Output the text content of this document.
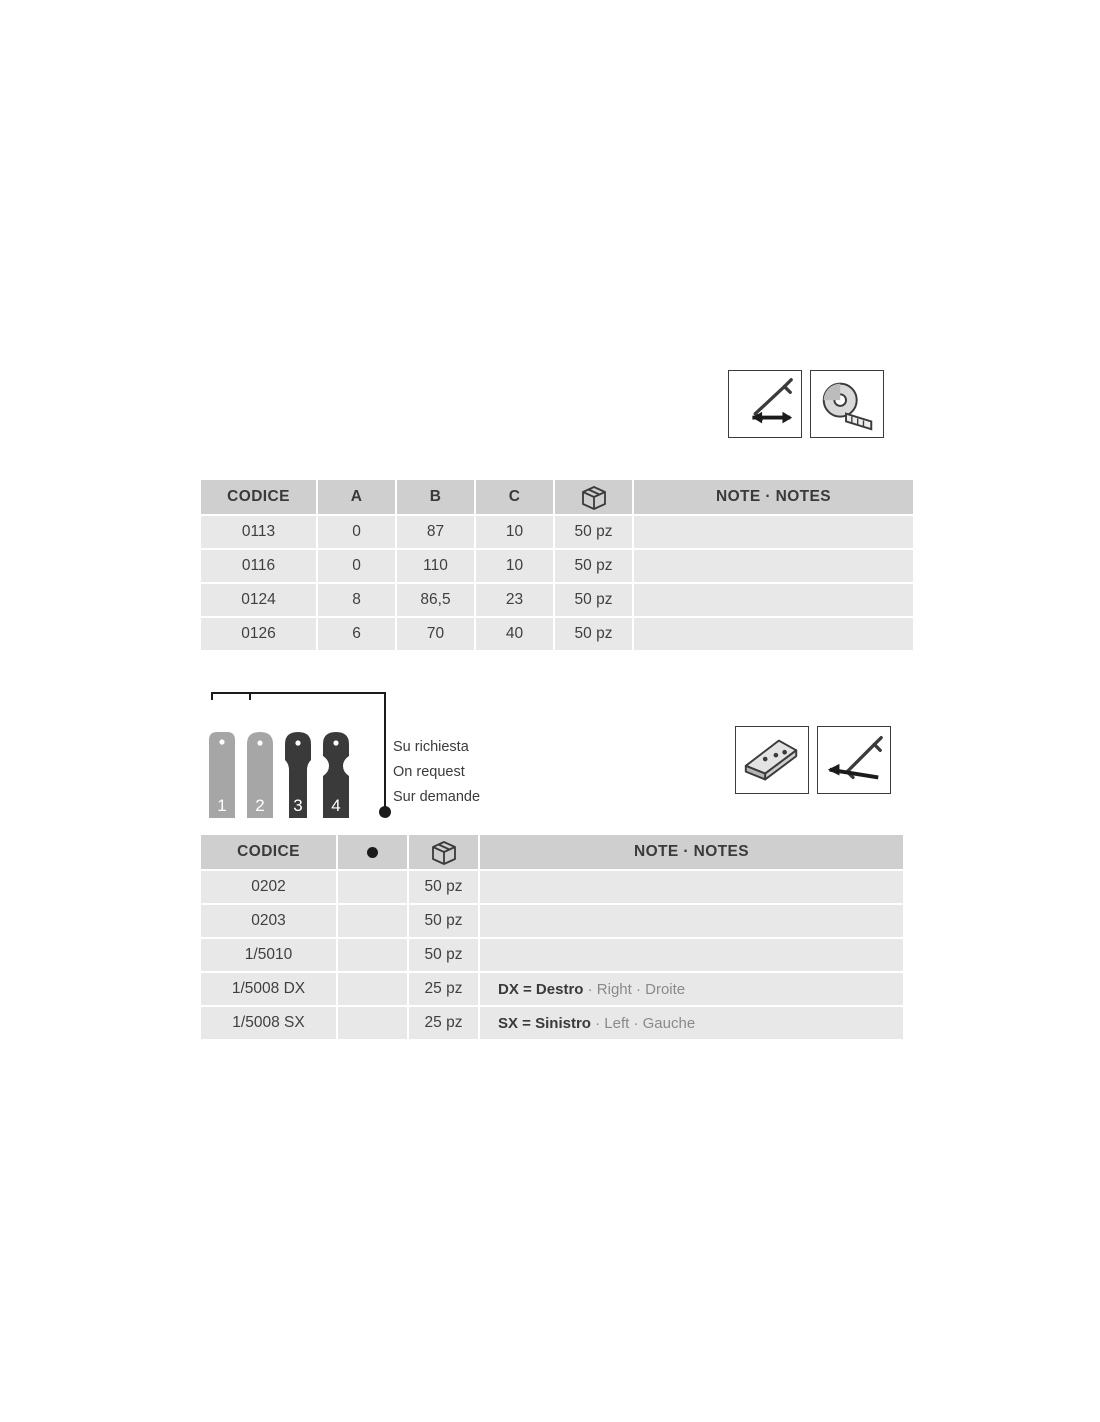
CODICE	A	B	C		NOTE · NOTES
0113	0	87	10	50 pz	
0116	0	110	10	50 pz	
0124	8	86,5	23	50 pz	
0126	6	70	40	50 pz	
1	2	3	4
Su richiesta
On request
Sur demande

CODICE			NOTE · NOTES
0202		50 pz	
0203		50 pz	
1/5010		50 pz	
1/5008 DX		25 pz	DX = Destro · Right · Droite
1/5008 SX		25 pz	SX = Sinistro · Left · Gauche
